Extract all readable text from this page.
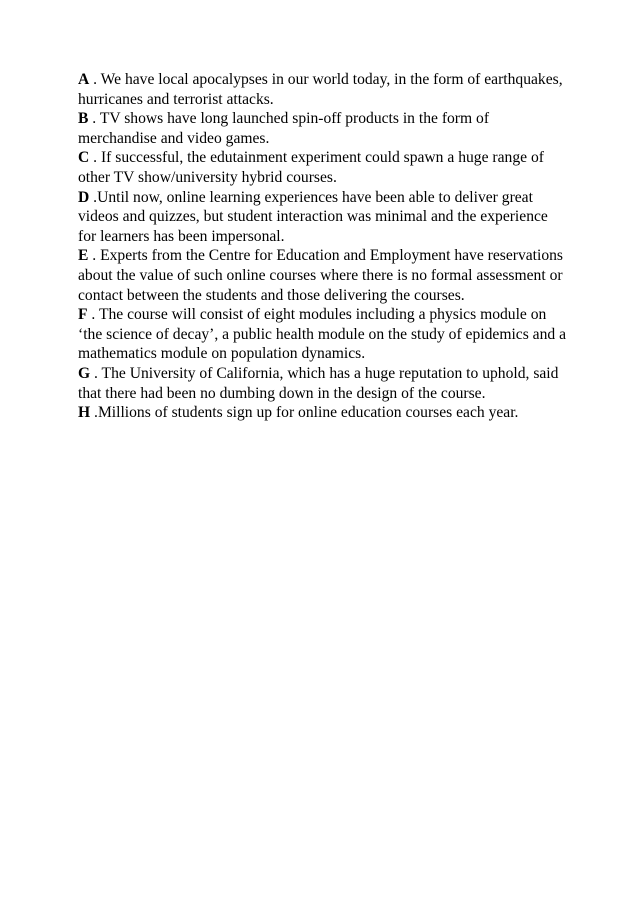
A . We have local apocalypses in our world today, in the form of earthquakes, hurricanes and terrorist attacks.

B . TV shows have long launched spin-off products in the form of merchandise and video games.

C . If successful, the edutainment experiment could spawn a huge range of other TV show/university hybrid courses.

D .Until now, online learning experiences have been able to deliver great videos and quizzes, but student interaction was minimal and the experience for learners has been impersonal.

E . Experts from the Centre for Education and Employment have reservations about the value of such online courses where there is no formal assessment or contact between the students and those delivering the courses.

F . The course will consist of eight modules including a physics module on ‘the science of decay’, a public health module on the study of epidemics and a mathematics module on population dynamics.

G . The University of California, which has a huge reputation to uphold, said that there had been no dumbing down in the design of the course.

H .Millions of students sign up for online education courses each year.
